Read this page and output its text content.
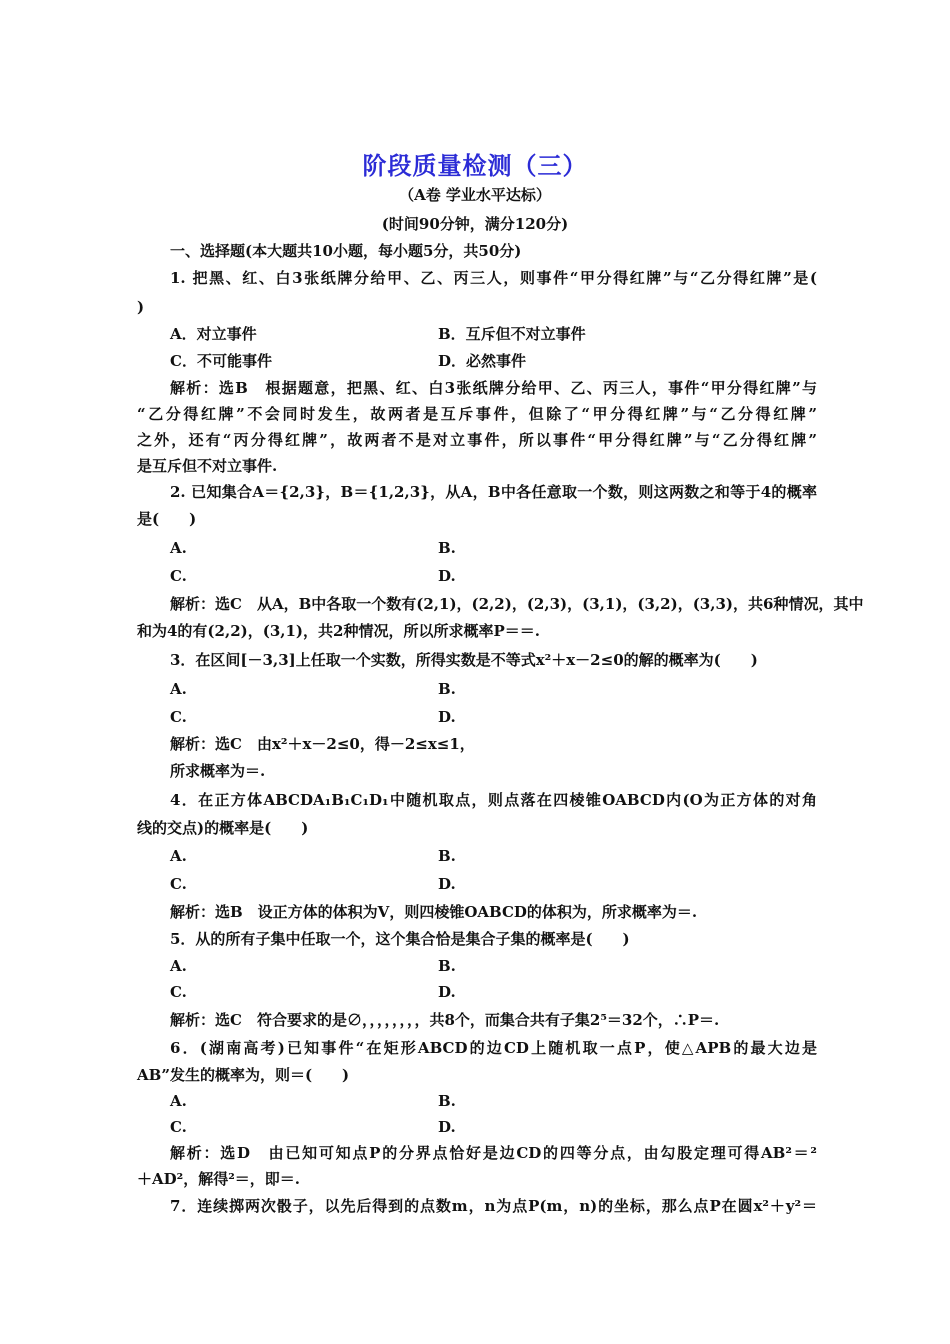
阶段质量检测（三）
（A卷 学业水平达标）
(时间90分钟，满分120分)
一、选择题(本大题共10小题，每小题5分，共50分)
1. 把黑、红、白3张纸牌分给甲、乙、丙三人，则事件“甲分得红牌”与“乙分得红牌”是(
)
A．对立事件	B．互斥但不对立事件
C．不可能事件	D．必然事件
解析：选B　根据题意，把黑、红、白3张纸牌分给甲、乙、丙三人，事件“甲分得红牌”与
“乙分得红牌”不会同时发生，故两者是互斥事件，但除了“甲分得红牌”与“乙分得红牌”
之外，还有“丙分得红牌”，故两者不是对立事件，所以事件“甲分得红牌”与“乙分得红牌”
是互斥但不对立事件.
2. 已知集合A＝{2,3}，B＝{1,2,3}，从A，B中各任意取一个数，则这两数之和等于4的概率
是(　　)
A.	B.
C.	D.
解析：选C　从A，B中各取一个数有(2,1)，(2,2)，(2,3)，(3,1)，(3,2)，(3,3)，共6种情况，其中
和为4的有(2,2)，(3,1)，共2种情况，所以所求概率P＝＝.
3．在区间[－3,3]上任取一个实数，所得实数是不等式x²＋x－2≤0的解的概率为(　　)
A.	B.
C.	D.
解析：选C　由x²＋x－2≤0，得－2≤x≤1，
所求概率为＝.
4．在正方体ABCDA₁B₁C₁D₁中随机取点，则点落在四棱锥OABCD内(O为正方体的对角
线的交点)的概率是(　　)
A.	B.
C.	D.
解析：选B　设正方体的体积为V，则四棱锥OABCD的体积为，所求概率为＝.
5．从的所有子集中任取一个，这个集合恰是集合子集的概率是(　　)
A.	B.
C.	D.
解析：选C　符合要求的是∅，，，，，，，，共8个，而集合共有子集2⁵＝32个，∴P＝.
6．(湖南高考)已知事件“在矩形ABCD的边CD上随机取一点P，使△APB的最大边是
AB”发生的概率为，则＝(　　)
A.	B.
C.	D.
解析：选D　由已知可知点P的分界点恰好是边CD的四等分点，由勾股定理可得AB²＝²
＋AD²，解得²＝，即＝.
7．连续掷两次骰子，以先后得到的点数m，n为点P(m，n)的坐标，那么点P在圆x²＋y²＝
